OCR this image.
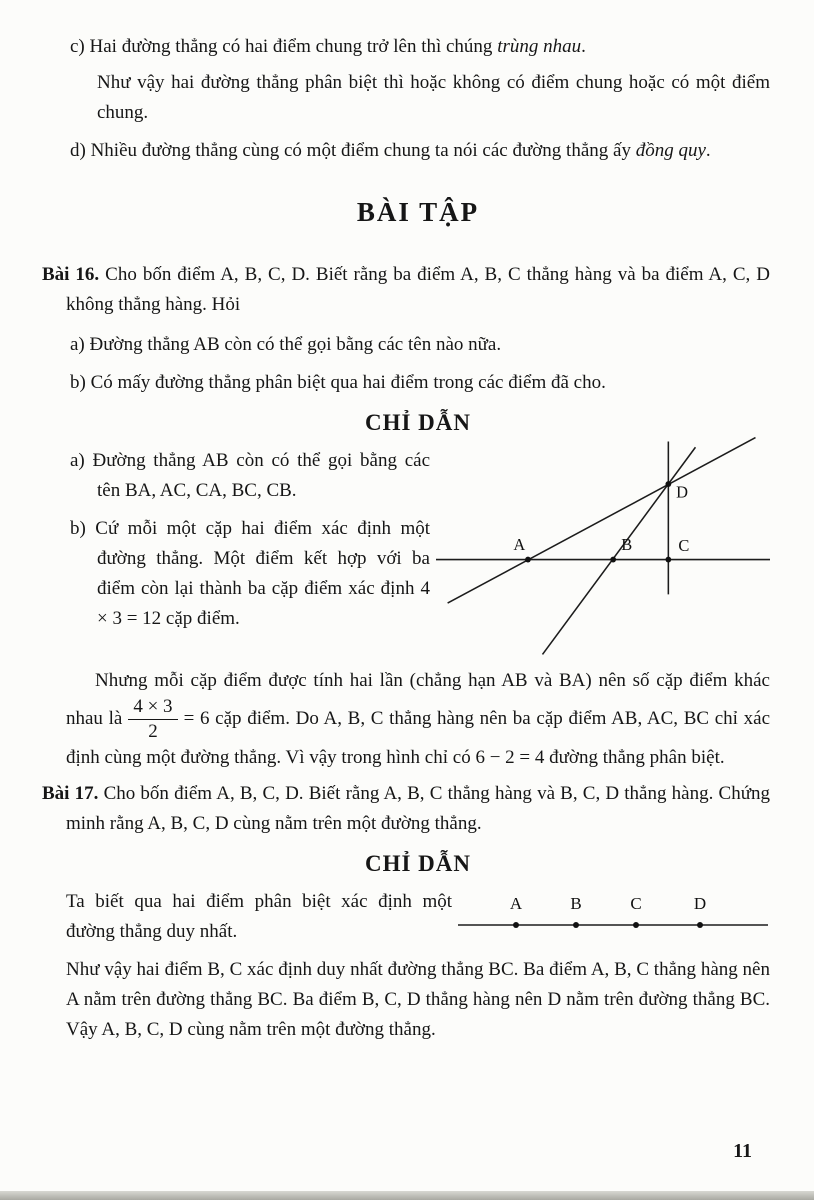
c) Hai đường thẳng có hai điểm chung trở lên thì chúng trùng nhau.

Như vậy hai đường thẳng phân biệt thì hoặc không có điểm chung hoặc có một điểm chung.

d) Nhiều đường thẳng cùng có một điểm chung ta nói các đường thẳng ấy đồng quy.

BÀI TẬP

Bài 16. Cho bốn điểm A, B, C, D. Biết rằng ba điểm A, B, C thẳng hàng và ba điểm A, C, D không thẳng hàng. Hỏi

a) Đường thẳng AB còn có thể gọi bằng các tên nào nữa.

b) Có mấy đường thẳng phân biệt qua hai điểm trong các điểm đã cho.

CHỈ DẪN

a) Đường thẳng AB còn có thể gọi bằng các tên BA, AC, CA, BC, CB.

b) Cứ mỗi một cặp hai điểm xác định một đường thẳng. Một điểm kết hợp với ba điểm còn lại thành ba cặp điểm xác định 4 × 3 = 12 cặp điểm.

A	B	C
D

Nhưng mỗi cặp điểm được tính hai lần (chẳng hạn AB và BA) nên số cặp điểm khác nhau là $\frac{4 \times 3}{2} = 6$ cặp điểm. Do A, B, C thẳng hàng nên ba cặp điểm AB, AC, BC chỉ xác định cùng một đường thẳng. Vì vậy trong hình chỉ có 6 − 2 = 4 đường thẳng phân biệt.

Bài 17. Cho bốn điểm A, B, C, D. Biết rằng A, B, C thẳng hàng và B, C, D thẳng hàng. Chứng minh rằng A, B, C, D cùng nằm trên một đường thẳng.

CHỈ DẪN

Ta biết qua hai điểm phân biệt xác định một đường thẳng duy nhất.

A	B	C	D

Như vậy hai điểm B, C xác định duy nhất đường thẳng BC. Ba điểm A, B, C thẳng hàng nên A nằm trên đường thẳng BC. Ba điểm B, C, D thẳng hàng nên D nằm trên đường thẳng BC. Vậy A, B, C, D cùng nằm trên một đường thẳng.

11
